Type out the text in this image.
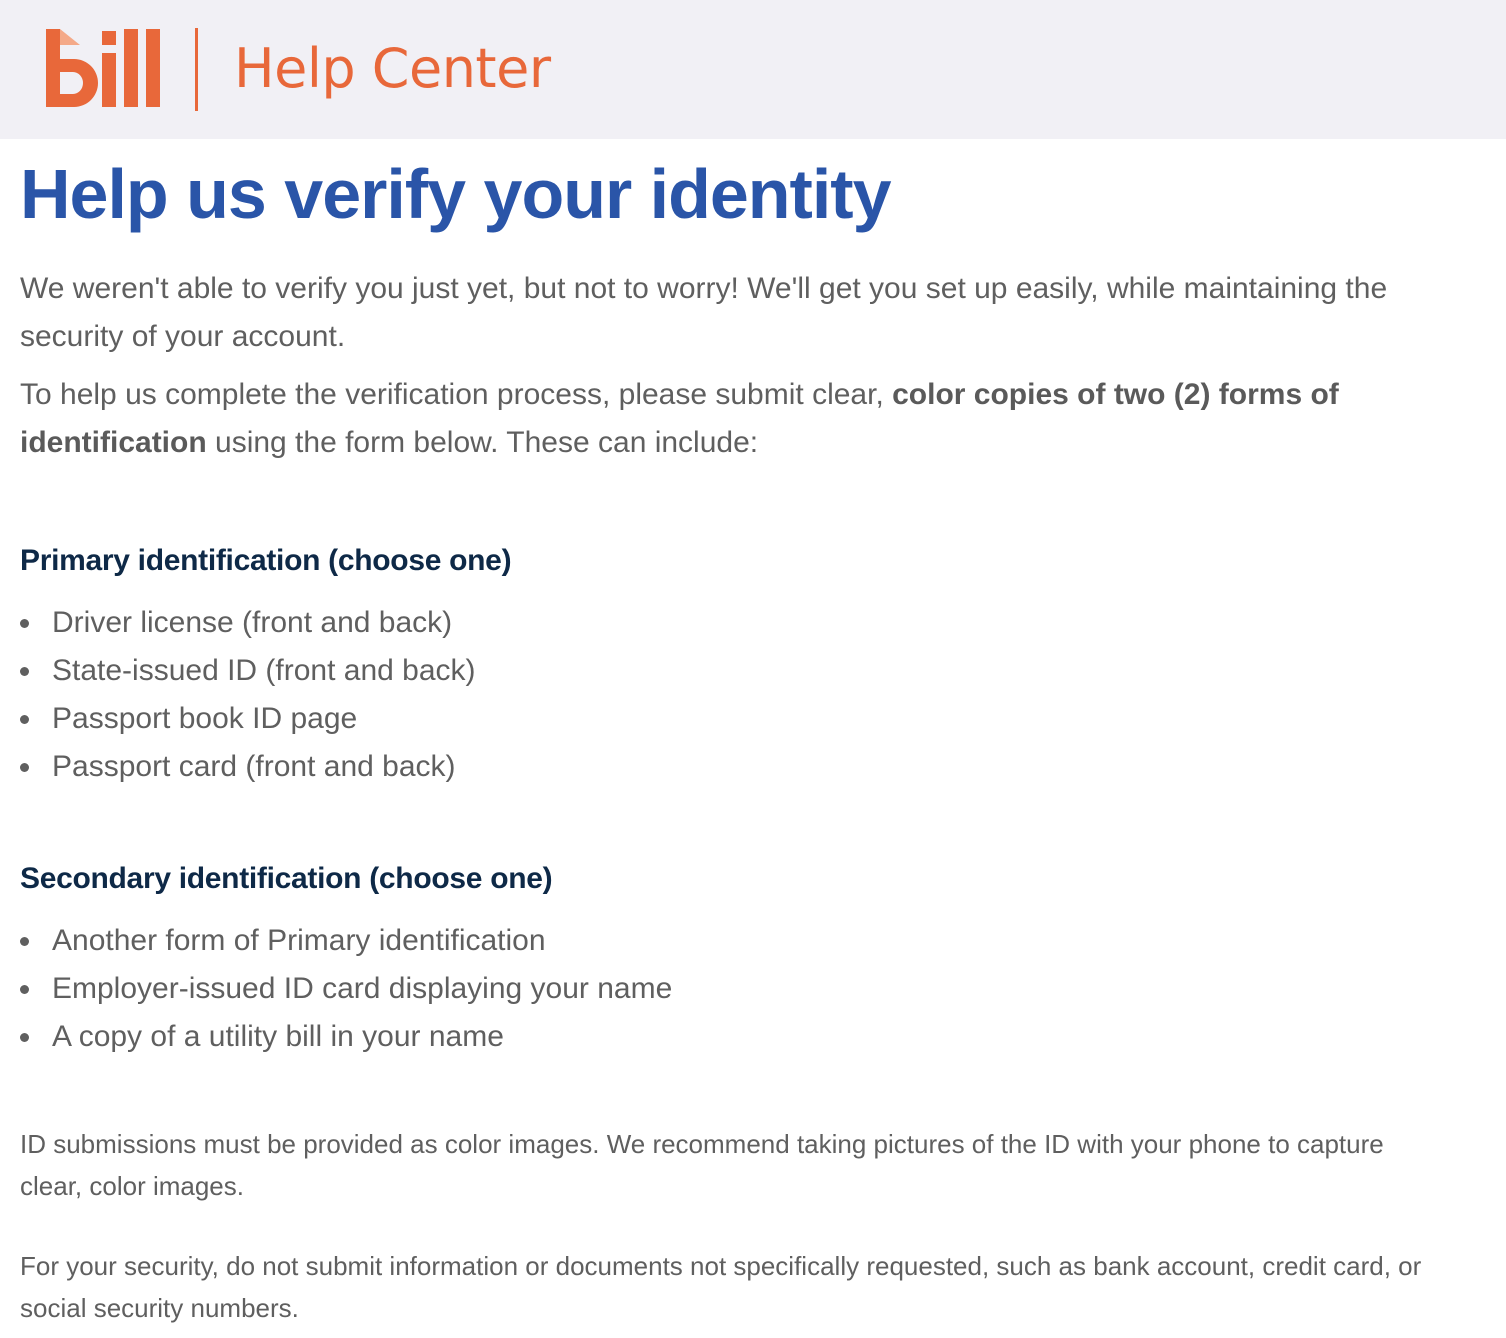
Help Center
Help us verify your identity

We weren't able to verify you just yet, but not to worry! We'll get you set up easily, while maintaining the security of your account.

To help us complete the verification process, please submit clear, color copies of two (2) forms of identification using the form below. These can include:

Primary identification (choose one)
Driver license (front and back)
State-issued ID (front and back)
Passport book ID page
Passport card (front and back)
Secondary identification (choose one)
Another form of Primary identification
Employer-issued ID card displaying your name
A copy of a utility bill in your name

ID submissions must be provided as color images. We recommend taking pictures of the ID with your phone to capture clear, color images.

For your security, do not submit information or documents not specifically requested, such as bank account, credit card, or social security numbers.
